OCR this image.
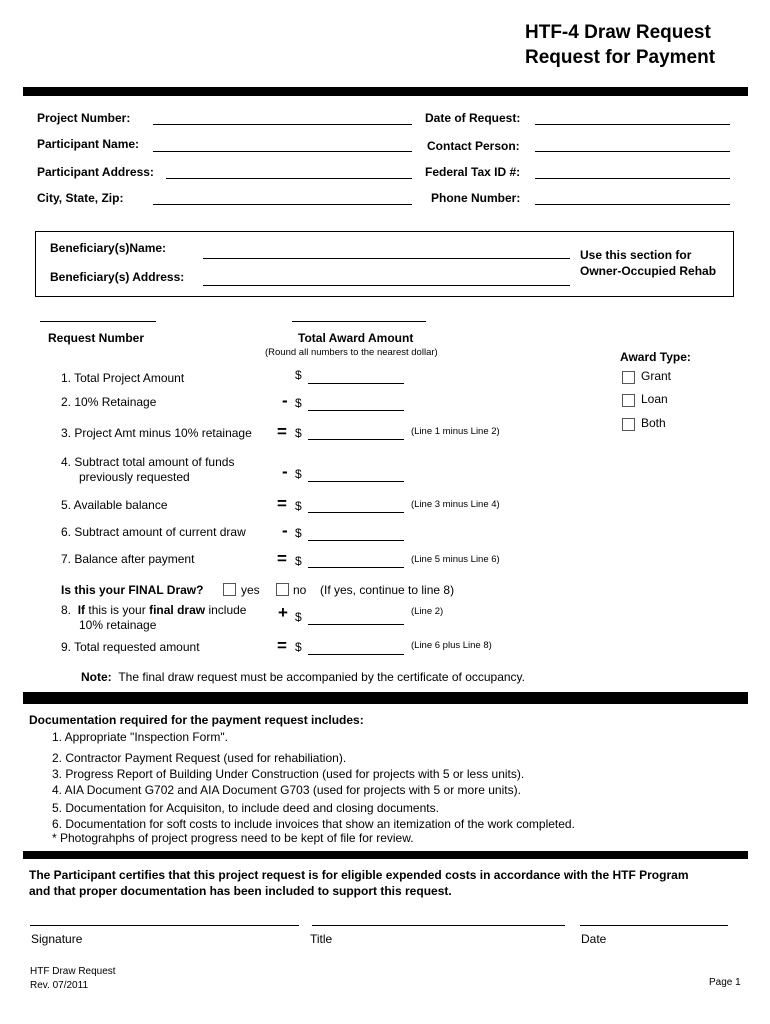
HTF-4 Draw Request
Request for Payment
Project Number:
Participant Name:
Participant Address:
City, State, Zip:
Date of Request:
Contact Person:
Federal Tax ID #:
Phone Number:
Beneficiary(s)Name:
Beneficiary(s) Address:
Use this section for
Owner-Occupied Rehab
Request Number	Total Award Amount
(Round all numbers to the nearest dollar)
1. Total Project Amount	$
2. 10% Retainage	- $
3. Project Amt minus 10% retainage = $	(Line 1 minus Line 2)
4. Subtract total amount of funds
previously requested	- $
5. Available balance	= $	(Line 3 minus Line 4)
6. Subtract amount of current draw - $
7. Balance after payment	= $	(Line 5 minus Line 6)
Is this your FINAL Draw?	yes	no (If yes, continue to line 8)
8. If this is your final draw include
10% retainage
+ $	(Line 2)
9. Total requested amount	= $	(Line 6 plus Line 8)
Note: The final draw request must be accompanied by the certificate of occupancy.
Award Type:
Grant
Loan
Both
Documentation required for the payment request includes:
1. Appropriate "Inspection Form".
2. Contractor Payment Request (used for rehabiliation).
3. Progress Report of Building Under Construction (used for projects with 5 or less units).
4. AIA Document G702 and AIA Document G703 (used for projects with 5 or more units).
5. Documentation for Acquisiton, to include deed and closing documents.
6. Documentation for soft costs to include invoices that show an itemization of the work completed.
* Photograhphs of project progress need to be kept of file for review.
The Participant certifies that this project request is for eligible expended costs in accordance with the HTF Program
and that proper documentation has been included to support this request.
Signature	Title	Date
HTF Draw Request
Rev. 07/2011	Page 1
